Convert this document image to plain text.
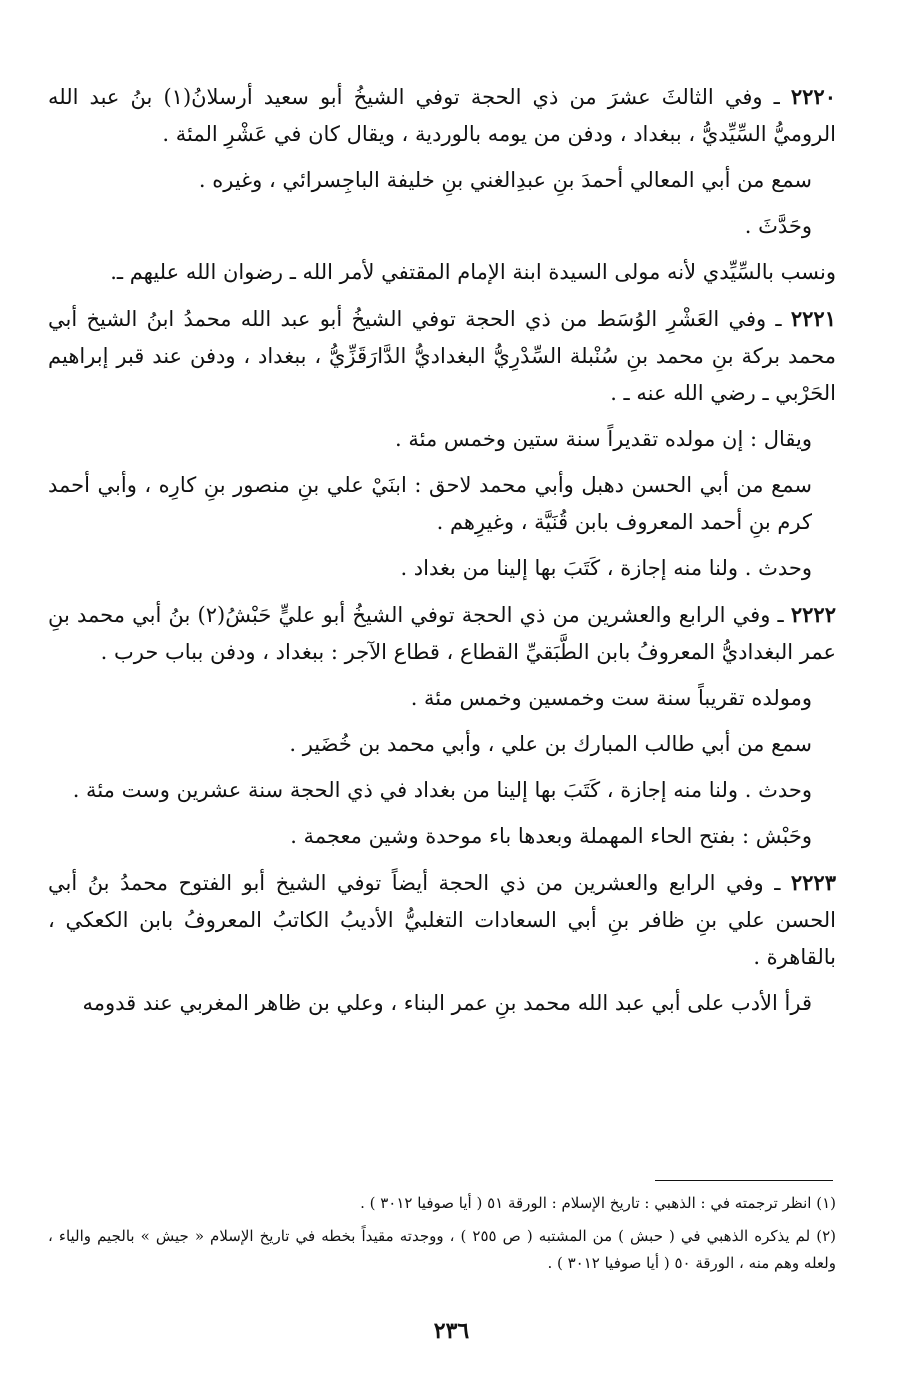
٢٢٢٠ ـ وفي الثالثَ عشرَ من ذي الحجة توفي الشيخُ أبو سعيد أرسلانُ(١) بنُ عبد الله الروميُّ السِّيِّديُّ ، ببغداد ، ودفن من يومه بالوردية ، ويقال كان في عَشْرِ المئة .

سمع من أبي المعالي أحمدَ بنِ عبدِالغني بنِ خليفة الباجِسرائي ، وغيره .

وحَدَّثَ .

ونسب بالسِّيِّدي لأنه مولى السيدة ابنة الإمام المقتفي لأمر الله ـ رضوان الله عليهم ـ.

٢٢٢١ ـ وفي العَشْرِ الوُسَط من ذي الحجة توفي الشيخُ أبو عبد الله محمدُ ابنُ الشيخ أبي محمد بركة بنِ محمد بنِ سُنْبلة السِّدْرِيُّ البغداديُّ الدَّارَقَزِّيُّ ، ببغداد ، ودفن عند قبر إبراهيم الحَرْبي ـ رضي الله عنه ـ .

ويقال : إن مولده تقديراً سنة ستين وخمس مئة .

سمع من أبي الحسن دهبل وأبي محمد لاحق : ابنَيْ علي بنِ منصور بنِ كارِه ، وأبي أحمد كرم بنِ أحمد المعروف بابن قُنَيَّة ، وغيرِهم .

وحدث . ولنا منه إجازة ، كَتَبَ بها إلينا من بغداد .

٢٢٢٢ ـ وفي الرابع والعشرين من ذي الحجة توفي الشيخُ أبو عليٍّ حَبْشُ(٢) بنُ أبي محمد بنِ عمر البغداديُّ المعروفُ بابن الطَّبَقيِّ القطاع ، قطاع الآجر : ببغداد ، ودفن بباب حرب .

ومولده تقريباً سنة ست وخمسين وخمس مئة .

سمع من أبي طالب المبارك بن علي ، وأبي محمد بن خُضَير .

وحدث . ولنا منه إجازة ، كَتَبَ بها إلينا من بغداد في ذي الحجة سنة عشرين وست مئة .

وحَبْش : بفتح الحاء المهملة وبعدها باء موحدة وشين معجمة .

٢٢٢٣ ـ وفي الرابع والعشرين من ذي الحجة أيضاً توفي الشيخ أبو الفتوح محمدُ بنُ أبي الحسن علي بنِ ظافر بنِ أبي السعادات التغلبيُّ الأديبُ الكاتبُ المعروفُ بابن الكعكي ، بالقاهرة .

قرأ الأدب على أبي عبد الله محمد بنِ عمر البناء ، وعلي بن ظاهر المغربي عند قدومه

(١) انظر ترجمته في : الذهبي : تاريخ الإسلام : الورقة ٥١ ( أيا صوفيا ٣٠١٢ ) .

(٢) لم يذكره الذهبي في ( حبش ) من المشتبه ( ص ٢٥٥ ) ، ووجدته مقيداً بخطه في تاريخ الإسلام « جيش » بالجيم والياء ، ولعله وهم منه ، الورقة ٥٠ ( أيا صوفيا ٣٠١٢ ) .

٢٣٦
